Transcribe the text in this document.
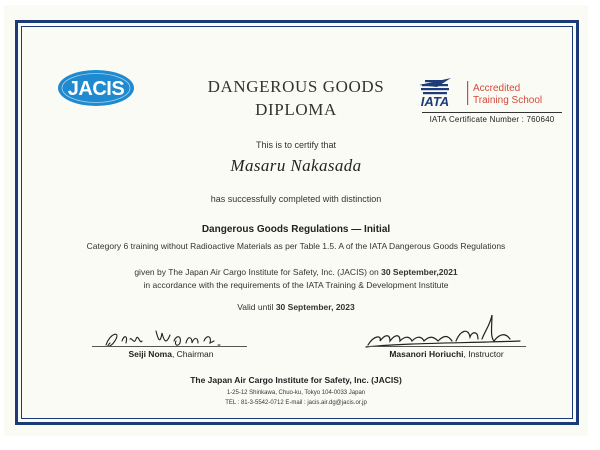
JACIS	DANGEROUS GOODS
DIPLOMA	IATA
Accredited
Training School
IATA Certificate Number : 760640
This is to certify that
Masaru Nakasada
has successfully completed with distinction
Dangerous Goods Regulations — Initial
Category 6 training without Radioactive Materials as per Table 1.5. A of the IATA Dangerous Goods Regulations
given by The Japan Air Cargo Institute for Safety, Inc. (JACIS) on 30 September,2021
in accordance with the requirements of the IATA Training & Development Institute
Valid until 30 September, 2023
Seiji Noma, Chairman	Masanori Horiuchi, Instructor
The Japan Air Cargo Institute for Safety, Inc. (JACIS)
1-25-12 Shinkawa, Chuo-ku, Tokyo 104-0033 Japan
TEL : 81-3-5542-0712 E-mail : jacis.air.dg@jacis.or.jp
